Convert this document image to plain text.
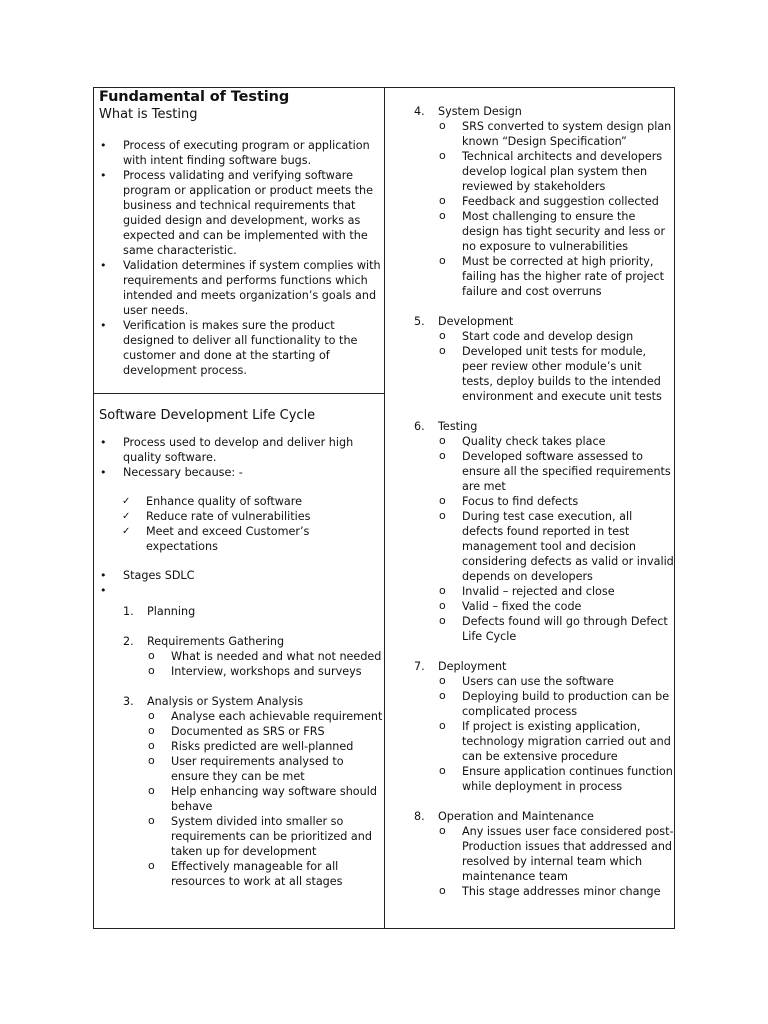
Fundamental of Testing
What is Testing
• Process of executing program or application with intent finding software bugs.
• Process validating and verifying software program or application or product meets the business and technical requirements that guided design and development, works as expected and can be implemented with the same characteristic.
• Validation determines if system complies with requirements and performs functions which intended and meets organization’s goals and user needs.
• Verification is makes sure the product designed to deliver all functionality to the customer and done at the starting of development process.
Software Development Life Cycle
• Process used to develop and deliver high quality software.
• Necessary because: -
✓ Enhance quality of software
✓ Reduce rate of vulnerabilities
✓ Meet and exceed Customer’s expectations
• Stages SDLC
•
1. Planning
2. Requirements Gathering
o What is needed and what not needed
o Interview, workshops and surveys
3. Analysis or System Analysis
o Analyse each achievable requirement
o Documented as SRS or FRS
o Risks predicted are well-planned
o User requirements analysed to ensure they can be met
o Help enhancing way software should behave
o System divided into smaller so requirements can be prioritized and taken up for development
o Effectively manageable for all resources to work at all stages
4. System Design
o SRS converted to system design plan known “Design Specification”
o Technical architects and developers develop logical plan system then reviewed by stakeholders
o Feedback and suggestion collected
o Most challenging to ensure the design has tight security and less or no exposure to vulnerabilities
o Must be corrected at high priority, failing has the higher rate of project failure and cost overruns
5. Development
o Start code and develop design
o Developed unit tests for module, peer review other module’s unit tests, deploy builds to the intended environment and execute unit tests
6. Testing
o Quality check takes place
o Developed software assessed to ensure all the specified requirements are met
o Focus to find defects
o During test case execution, all defects found reported in test management tool and decision considering defects as valid or invalid depends on developers
o Invalid – rejected and close
o Valid – fixed the code
o Defects found will go through Defect Life Cycle
7. Deployment
o Users can use the software
o Deploying build to production can be complicated process
o If project is existing application, technology migration carried out and can be extensive procedure
o Ensure application continues function while deployment in process
8. Operation and Maintenance
o Any issues user face considered post-Production issues that addressed and resolved by internal team which maintenance team
o This stage addresses minor change
